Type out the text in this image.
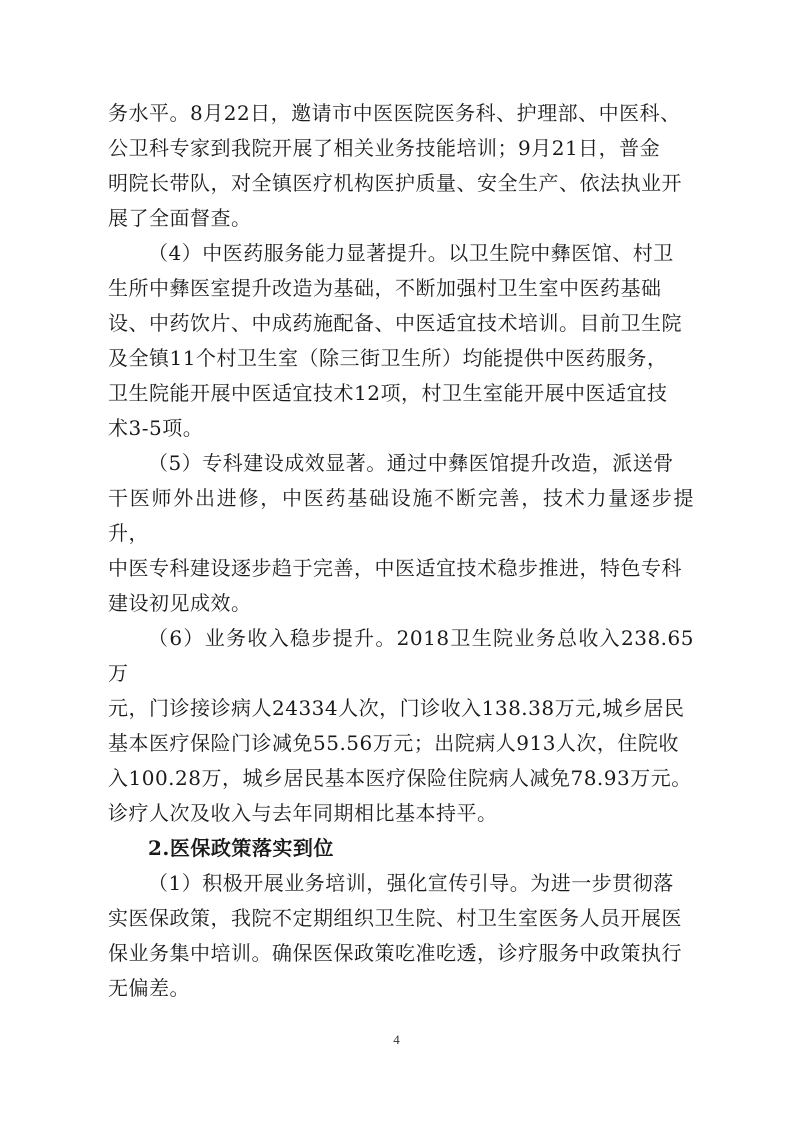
务水平。8月22日，邀请市中医医院医务科、护理部、中医科、
公卫科专家到我院开展了相关业务技能培训；9月21日，普金
明院长带队，对全镇医疗机构医护质量、安全生产、依法执业开
展了全面督查。

（4）中医药服务能力显著提升。以卫生院中彝医馆、村卫
生所中彝医室提升改造为基础，不断加强村卫生室中医药基础
设、中药饮片、中成药施配备、中医适宜技术培训。目前卫生院
及全镇11个村卫生室（除三街卫生所）均能提供中医药服务，
卫生院能开展中医适宜技术12项，村卫生室能开展中医适宜技
术3-5项。

（5）专科建设成效显著。通过中彝医馆提升改造，派送骨
干医师外出进修，中医药基础设施不断完善，技术力量逐步提升，
中医专科建设逐步趋于完善，中医适宜技术稳步推进，特色专科
建设初见成效。

（6）业务收入稳步提升。2018卫生院业务总收入238.65万
元，门诊接诊病人24334人次，门诊收入138.38万元,城乡居民
基本医疗保险门诊减免55.56万元；出院病人913人次，住院收
入100.28万，城乡居民基本医疗保险住院病人减免78.93万元。
诊疗人次及收入与去年同期相比基本持平。

2.医保政策落实到位

（1）积极开展业务培训，强化宣传引导。为进一步贯彻落
实医保政策，我院不定期组织卫生院、村卫生室医务人员开展医
保业务集中培训。确保医保政策吃准吃透，诊疗服务中政策执行
无偏差。

4
